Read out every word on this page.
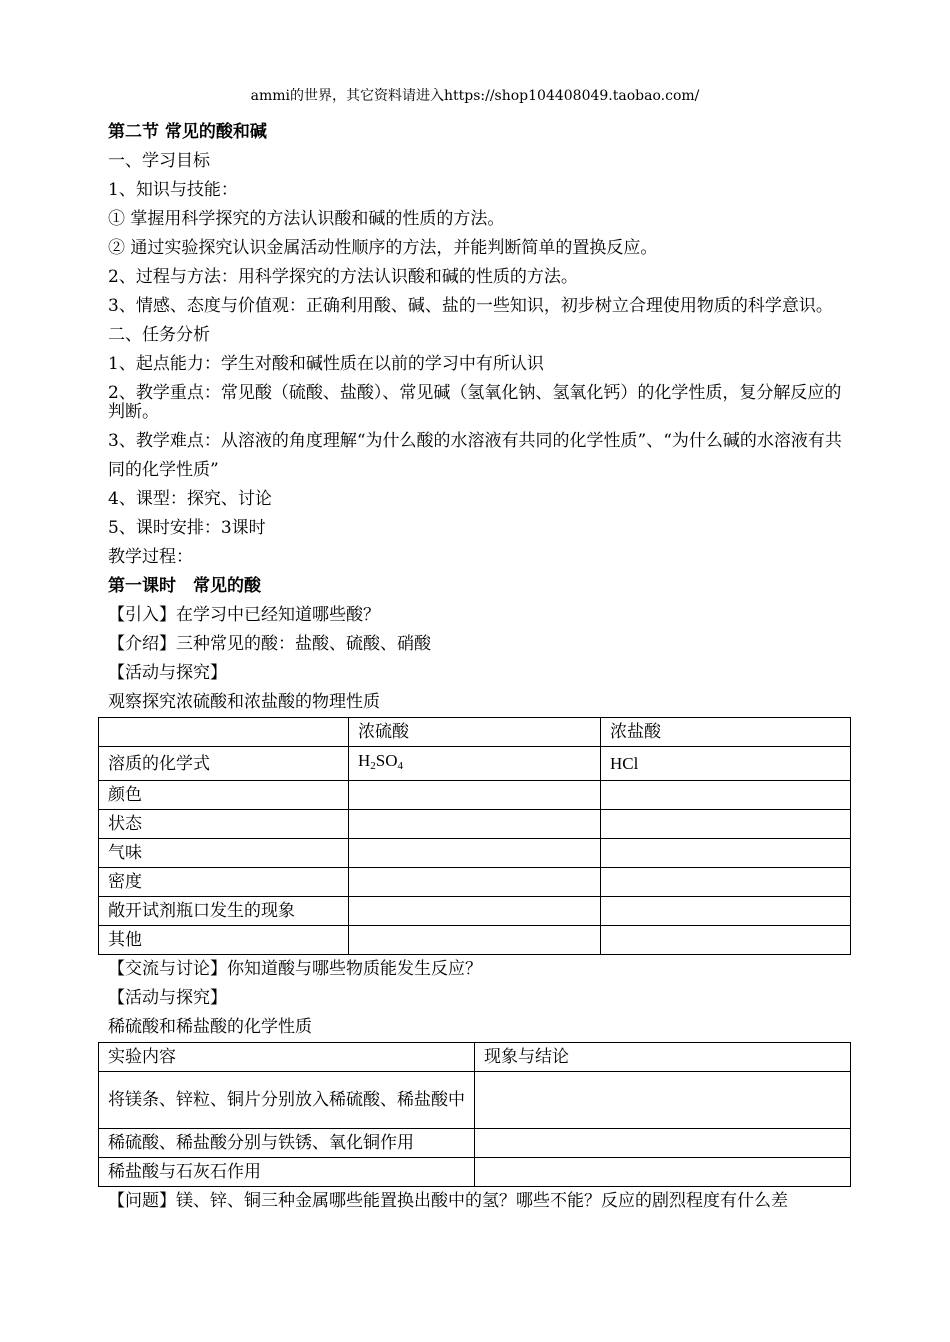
ammi的世界，其它资料请进入https://shop104408049.taobao.com/
第二节 常见的酸和碱
一、学习目标
1、知识与技能：
① 掌握用科学探究的方法认识酸和碱的性质的方法。
② 通过实验探究认识金属活动性顺序的方法，并能判断简单的置换反应。
2、过程与方法：用科学探究的方法认识酸和碱的性质的方法。
3、情感、态度与价值观：正确利用酸、碱、盐的一些知识，初步树立合理使用物质的科学意识。
二、任务分析
1、起点能力：学生对酸和碱性质在以前的学习中有所认识
2、教学重点：常见酸（硫酸、盐酸）、常见碱（氢氧化钠、氢氧化钙）的化学性质，复分解反应的判断。
3、教学难点：从溶液的角度理解“为什么酸的水溶液有共同的化学性质”、“为什么碱的水溶液有共同的化学性质”
4、课型：探究、讨论
5、课时安排：3课时
教学过程：
第一课时　常见的酸
【引入】在学习中已经知道哪些酸？
【介绍】三种常见的酸：盐酸、硫酸、硝酸
【活动与探究】
观察探究浓硫酸和浓盐酸的物理性质
	浓硫酸	浓盐酸
溶质的化学式	$H_2SO_4$	HCl
颜色		
状态		
气味		
密度		
敞开试剂瓶口发生的现象		
其他		
【交流与讨论】你知道酸与哪些物质能发生反应？
【活动与探究】
稀硫酸和稀盐酸的化学性质
实验内容	现象与结论
将镁条、锌粒、铜片分别放入稀硫酸、稀盐酸中	
稀硫酸、稀盐酸分别与铁锈、氧化铜作用	
稀盐酸与石灰石作用	
【问题】镁、锌、铜三种金属哪些能置换出酸中的氢？哪些不能？反应的剧烈程度有什么差
